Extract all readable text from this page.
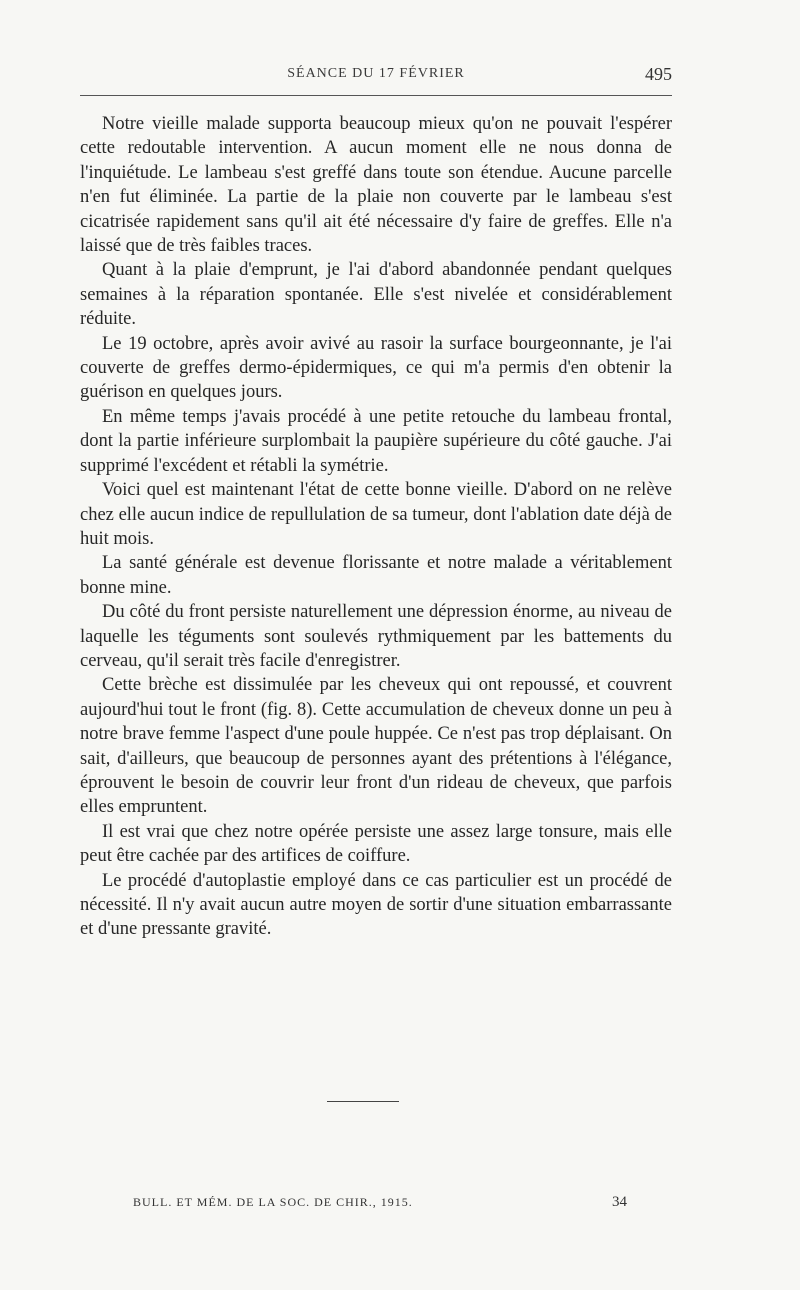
SÉANCE DU 17 FÉVRIER	495

Notre vieille malade supporta beaucoup mieux qu'on ne pouvait l'espérer cette redoutable intervention. A aucun moment elle ne nous donna de l'inquiétude. Le lambeau s'est greffé dans toute son étendue. Aucune parcelle n'en fut éliminée. La partie de la plaie non couverte par le lambeau s'est cicatrisée rapidement sans qu'il ait été nécessaire d'y faire de greffes. Elle n'a laissé que de très faibles traces.

Quant à la plaie d'emprunt, je l'ai d'abord abandonnée pendant quelques semaines à la réparation spontanée. Elle s'est nivelée et considérablement réduite.

Le 19 octobre, après avoir avivé au rasoir la surface bourgeonnante, je l'ai couverte de greffes dermo-épidermiques, ce qui m'a permis d'en obtenir la guérison en quelques jours.

En même temps j'avais procédé à une petite retouche du lambeau frontal, dont la partie inférieure surplombait la paupière supérieure du côté gauche. J'ai supprimé l'excédent et rétabli la symétrie.

Voici quel est maintenant l'état de cette bonne vieille. D'abord on ne relève chez elle aucun indice de repullulation de sa tumeur, dont l'ablation date déjà de huit mois.

La santé générale est devenue florissante et notre malade a véritablement bonne mine.

Du côté du front persiste naturellement une dépression énorme, au niveau de laquelle les téguments sont soulevés rythmiquement par les battements du cerveau, qu'il serait très facile d'enregistrer.

Cette brèche est dissimulée par les cheveux qui ont repoussé, et couvrent aujourd'hui tout le front (fig. 8). Cette accumulation de cheveux donne un peu à notre brave femme l'aspect d'une poule huppée. Ce n'est pas trop déplaisant. On sait, d'ailleurs, que beaucoup de personnes ayant des prétentions à l'élégance, éprouvent le besoin de couvrir leur front d'un rideau de cheveux, que parfois elles empruntent.

Il est vrai que chez notre opérée persiste une assez large tonsure, mais elle peut être cachée par des artifices de coiffure.

Le procédé d'autoplastie employé dans ce cas particulier est un procédé de nécessité. Il n'y avait aucun autre moyen de sortir d'une situation embarrassante et d'une pressante gravité.

BULL. ET MÉM. DE LA SOC. DE CHIR., 1915.	34
